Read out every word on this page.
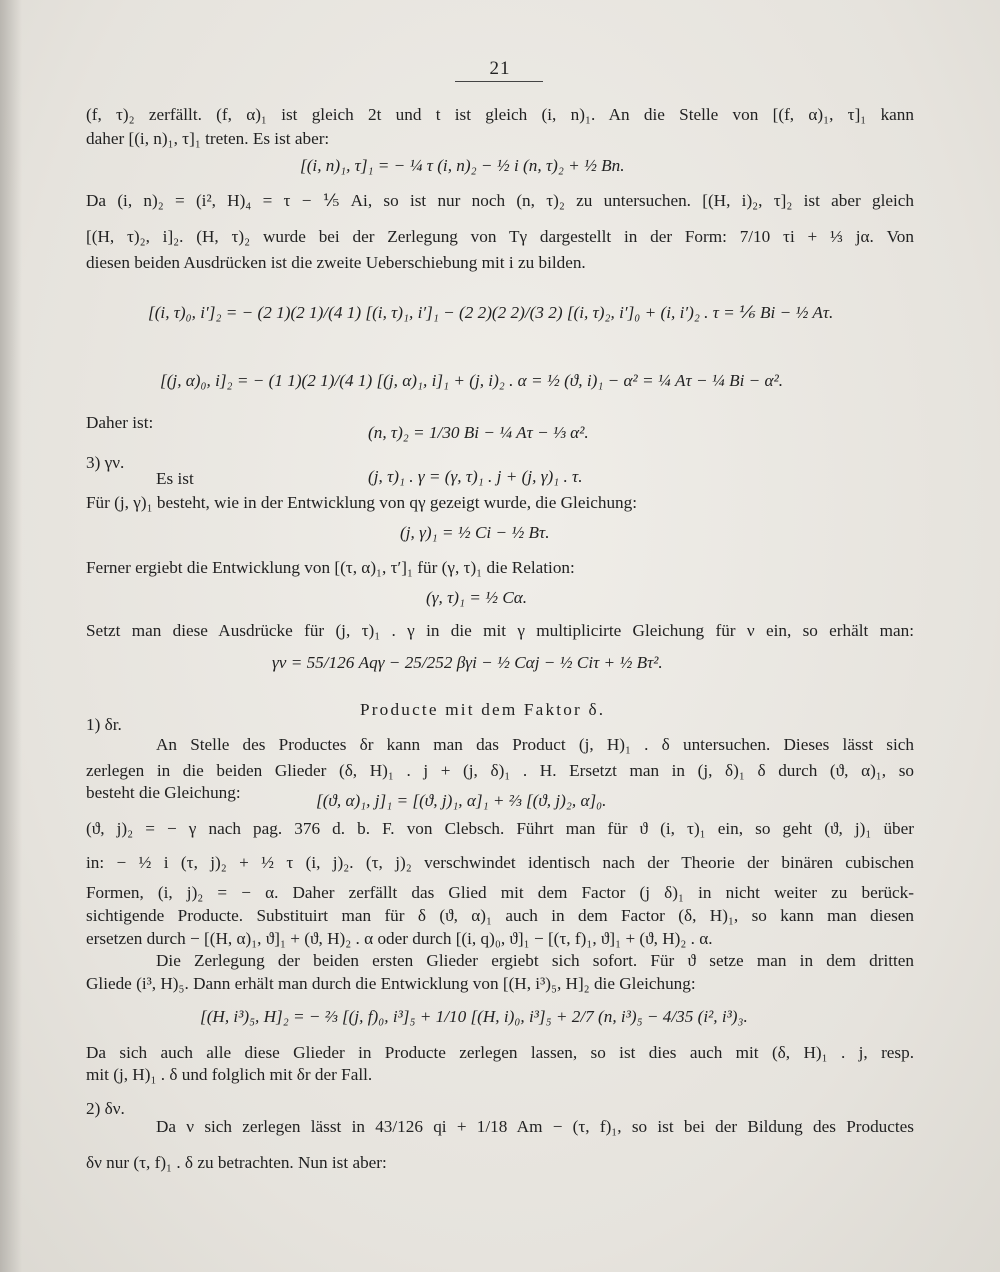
21
(f, τ)₂ zerfällt. (f, α)₁ ist gleich 2t und t ist gleich (i, n)₁. An die Stelle von [(f, α)₁, τ]₁ kann
daher [(i, n)₁, τ]₁ treten. Es ist aber:
[(i, n)₁, τ]₁ = − ¼ τ (i, n)₂ − ½ i (n, τ)₂ + ½ Bn.
Da (i, n)₂ = (i², H)₄ = τ − ⅕ Ai, so ist nur noch (n, τ)₂ zu untersuchen. [(H, i)₂, τ]₂ ist aber gleich
[(H, τ)₂, i]₂. (H, τ)₂ wurde bei der Zerlegung von Tγ dargestellt in der Form: 7/10 τi + ⅓ jα. Von
diesen beiden Ausdrücken ist die zweite Ueberschiebung mit i zu bilden.
[(i, τ)₀, i′]₂ = − (2 1)(2 1)/(4 1) [(i, τ)₁, i′]₁ − (2 2)(2 2)/(3 2) [(i, τ)₂, i′]₀ + (i, i′)₂ . τ = ⅙ Bi − ½ Aτ.
[(j, α)₀, i]₂ = − (1 1)(2 1)/(4 1) [(j, α)₁, i]₁ + (j, i)₂ . α = ½ (ϑ, i)₁ − α² = ¼ Aτ − ¼ Bi − α².
Daher ist:
(n, τ)₂ = 1/30 Bi − ¼ Aτ − ⅓ α².
3) γν.
Es ist	(j, τ)₁ . γ = (γ, τ)₁ . j + (j, γ)₁ . τ.
Für (j, γ)₁ besteht, wie in der Entwicklung von qγ gezeigt wurde, die Gleichung:
(j, γ)₁ = ½ Ci − ½ Bτ.
Ferner ergiebt die Entwicklung von [(τ, α)₁, τ′]₁ für (γ, τ)₁ die Relation:
(γ, τ)₁ = ½ Cα.
Setzt man diese Ausdrücke für (j, τ)₁ . γ in die mit γ multiplicirte Gleichung für ν ein, so erhält man:
γν = 55/126 Aqγ − 25/252 βγi − ½ Cαj − ½ Ciτ + ½ Bτ².
Producte mit dem Faktor δ.
1) δr.
An Stelle des Productes δr kann man das Product (j, H)₁ . δ untersuchen. Dieses lässt sich
zerlegen in die beiden Glieder (δ, H)₁ . j + (j, δ)₁ . H. Ersetzt man in (j, δ)₁ δ durch (ϑ, α)₁, so
besteht die Gleichung:	[(ϑ, α)₁, j]₁ = [(ϑ, j)₁, α]₁ + ⅔ [(ϑ, j)₂, α]₀.
(ϑ, j)₂ = − γ nach pag. 376 d. b. F. von Clebsch. Führt man für ϑ (i, τ)₁ ein, so geht (ϑ, j)₁ über
in: − ½ i (τ, j)₂ + ½ τ (i, j)₂. (τ, j)₂ verschwindet identisch nach der Theorie der binären cubischen
Formen, (i, j)₂ = − α. Daher zerfällt das Glied mit dem Factor (j δ)₁ in nicht weiter zu berück-
sichtigende Producte. Substituirt man für δ (ϑ, α)₁ auch in dem Factor (δ, H)₁, so kann man diesen
ersetzen durch − [(H, α)₁, ϑ]₁ + (ϑ, H)₂ . α oder durch [(i, q)₀, ϑ]₁ − [(τ, f)₁, ϑ]₁ + (ϑ, H)₂ . α.
Die Zerlegung der beiden ersten Glieder ergiebt sich sofort. Für ϑ setze man in dem dritten
Gliede (i³, H)₅. Dann erhält man durch die Entwicklung von [(H, i³)₅, H]₂ die Gleichung:
[(H, i³)₅, H]₂ = − ⅔ [(j, f)₀, i³]₅ + 1/10 [(H, i)₀, i³]₅ + 2/7 (n, i³)₅ − 4/35 (i², i³)₃.
Da sich auch alle diese Glieder in Producte zerlegen lassen, so ist dies auch mit (δ, H)₁ . j, resp.
mit (j, H)₁ . δ und folglich mit δr der Fall.
2) δν.
Da ν sich zerlegen lässt in 43/126 qi + 1/18 Am − (τ, f)₁, so ist bei der Bildung des Productes
δν nur (τ, f)₁ . δ zu betrachten. Nun ist aber:
